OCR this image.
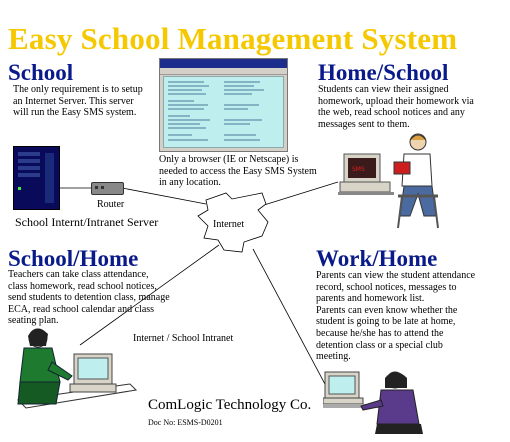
Easy School Management System
School
The only requirement is to setup
an Internet Server. This server
will run the Easy SMS system.
Only a browser (IE or Netscape) is
needed to access the Easy SMS System
in any location.
Router
School Internt/Intranet Server	Internet
Home/School
Students can view their assigned
homework, upload their homework via
the web, read school notices and any
messages sent to them.
SMS
School/Home
Teachers can take class attendance,
class homework, read school notices,
send students to detention class, manage
ECA, read school calendar and class
seating plan.
Internet / School Intranet
Work/Home
Parents can view the student attendance
record, school notices, messages to
parents and homework list.
Parents can even know whether the
student is going to be late at home,
because he/she has to attend the
detention class or a special club
meeting.
ComLogic Technology Co.
Doc No: ESMS-D0201
